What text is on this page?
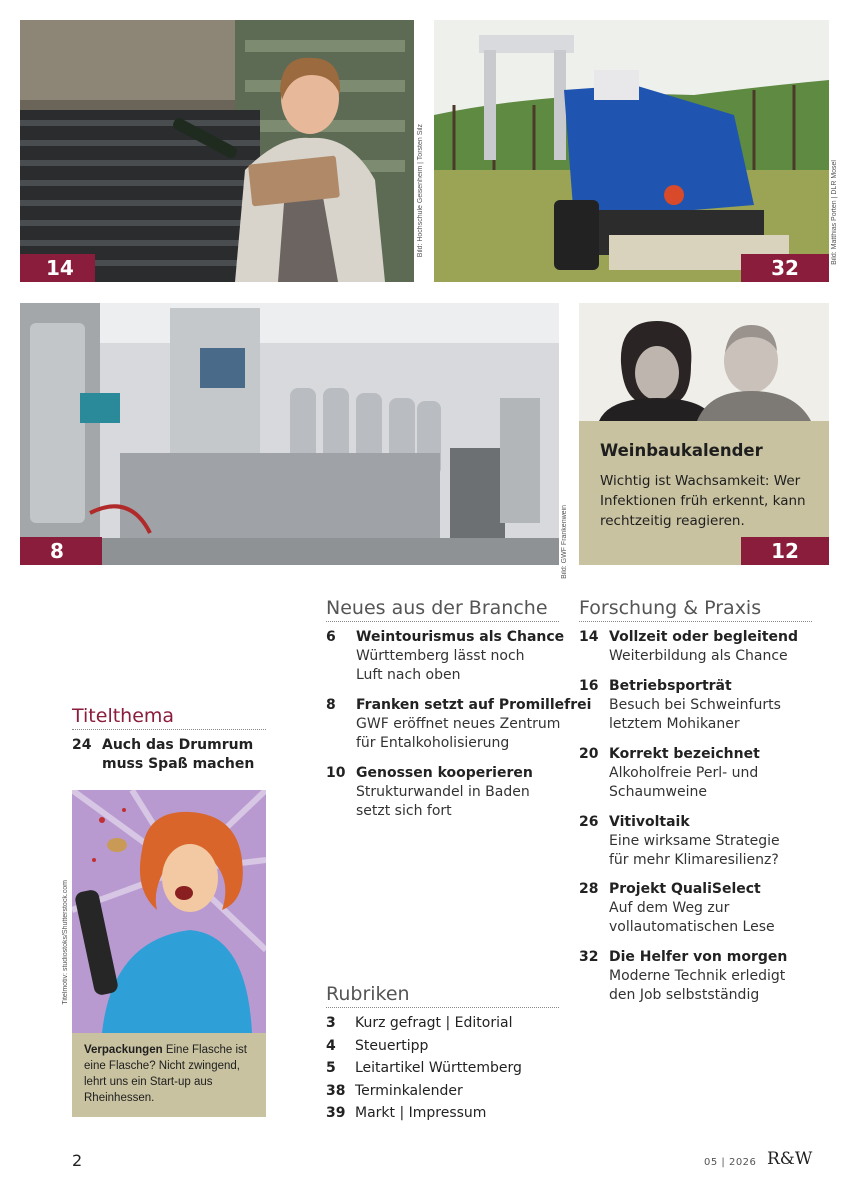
14
Bild: Hochschule Geisenheim | Torsten Silz
32
Bild: Matthias Porten | DLR Mosel
8	Bild: GWF Frankenwein
Weinbaukalender
Wichtig ist Wachsamkeit: Wer Infektionen früh erkennt, kann rechtzeitig reagieren.
12
Titelthema
24 Auch das Drumrum
muss Spaß machen
Titelmotiv: studiostoks/Shutterstock.com
Verpackungen Eine Flasche ist eine Flasche? Nicht zwingend, lehrt uns ein Start-up aus Rheinhessen.
Neues aus der Branche
6 Weintourismus als Chance
Württemberg lässt noch
Luft nach oben
8 Franken setzt auf Promillefrei
GWF eröffnet neues Zentrum
für Entalkoholisierung
10 Genossen kooperieren
Strukturwandel in Baden
setzt sich fort
Forschung & Praxis
14 Vollzeit oder begleitend
Weiterbildung als Chance
16 Betriebsporträt
Besuch bei Schweinfurts
letztem Mohikaner
20 Korrekt bezeichnet
Alkoholfreie Perl- und
Schaumweine
26 Vitivoltaik
Eine wirksame Strategie
für mehr Klimaresilienz?
28 Projekt QualiSelect
Auf dem Weg zur
vollautomatischen Lese
32 Die Helfer von morgen
Moderne Technik erledigt
den Job selbstständig
Rubriken
3 Kurz gefragt | Editorial
4 Steuertipp
5 Leitartikel Württemberg
38 Terminkalender
39 Markt | Impressum
2	05 | 2026 R&W
